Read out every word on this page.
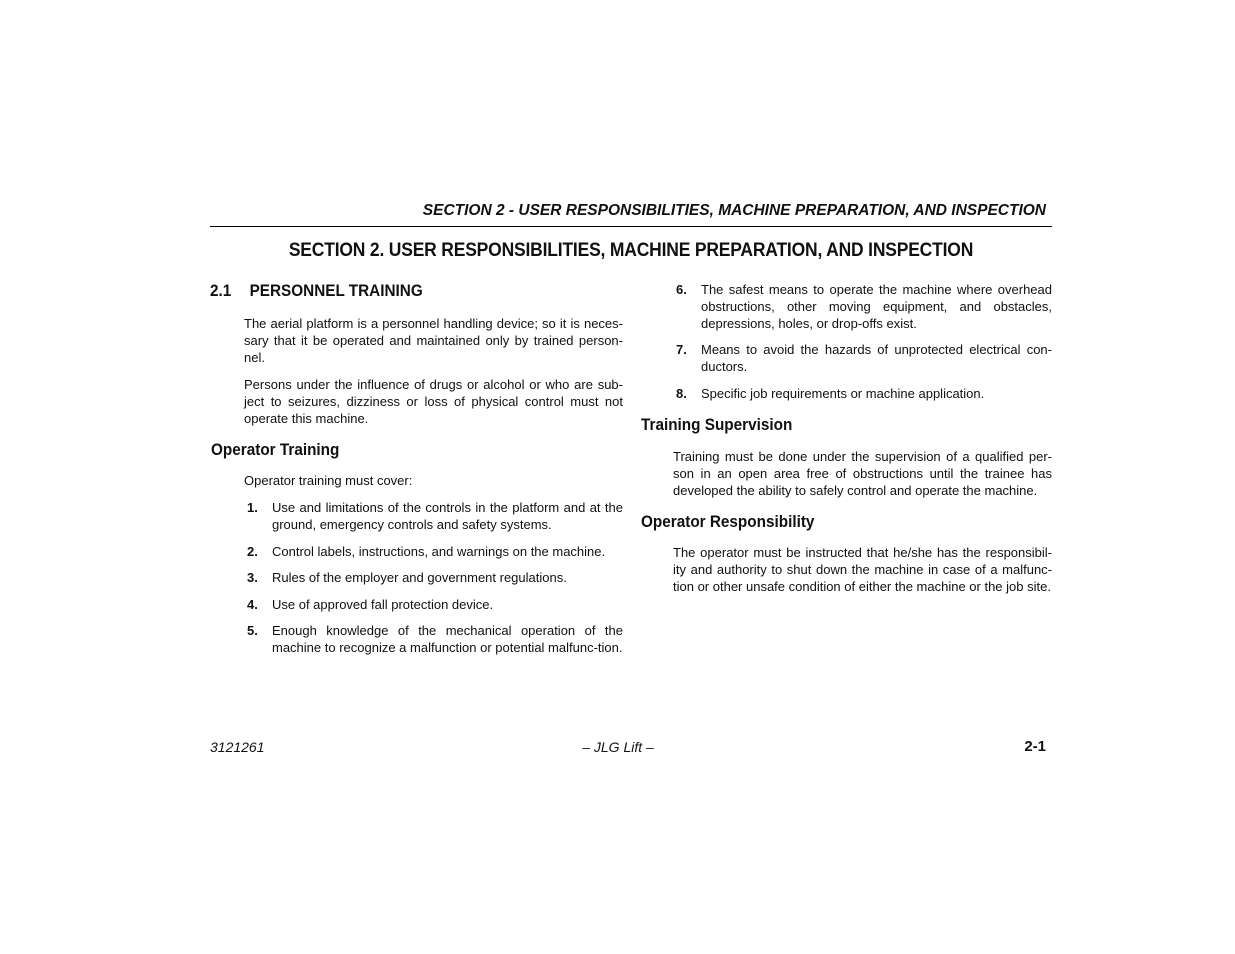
SECTION 2 - USER RESPONSIBILITIES, MACHINE PREPARATION, AND INSPECTION
SECTION 2. USER RESPONSIBILITIES, MACHINE PREPARATION, AND INSPECTION
2.1 PERSONNEL TRAINING
The aerial platform is a personnel handling device; so it is neces-sary that it be operated and maintained only by trained person-nel.
Persons under the influence of drugs or alcohol or who are sub-ject to seizures, dizziness or loss of physical control must not operate this machine.
Operator Training
Operator training must cover:
1. Use and limitations of the controls in the platform and at the ground, emergency controls and safety systems.
2. Control labels, instructions, and warnings on the machine.
3. Rules of the employer and government regulations.
4. Use of approved fall protection device.
5. Enough knowledge of the mechanical operation of the machine to recognize a malfunction or potential malfunc-tion.
6. The safest means to operate the machine where overhead obstructions, other moving equipment, and obstacles, depressions, holes, or drop-offs exist.
7. Means to avoid the hazards of unprotected electrical con-ductors.
8. Specific job requirements or machine application.
Training Supervision
Training must be done under the supervision of a qualified per-son in an open area free of obstructions until the trainee has developed the ability to safely control and operate the machine.
Operator Responsibility
The operator must be instructed that he/she has the responsibil-ity and authority to shut down the machine in case of a malfunc-tion or other unsafe condition of either the machine or the job site.
3121261	– JLG Lift –	2-1
